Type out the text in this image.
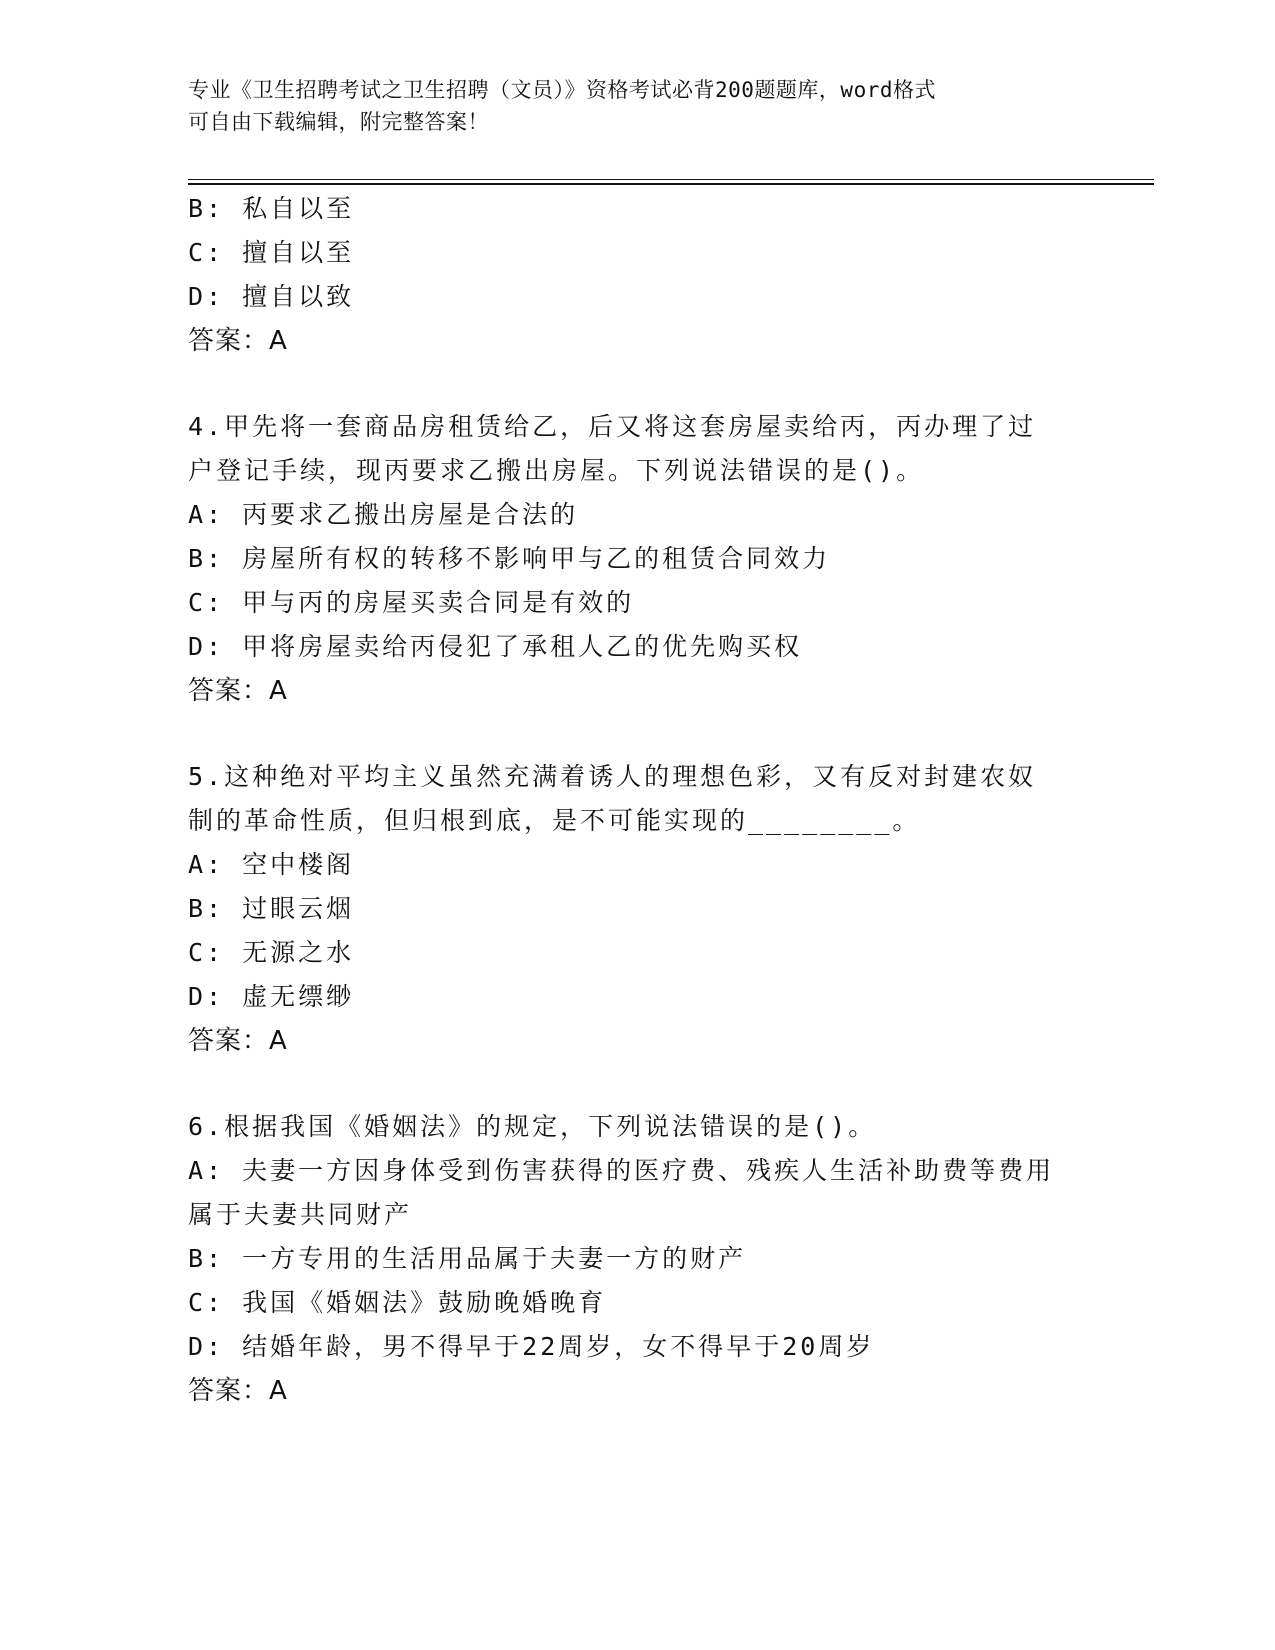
专业《卫生招聘考试之卫生招聘（文员）》资格考试必背200题题库，word格式
可自由下载编辑，附完整答案！
B: 私自以至
C: 擅自以至
D: 擅自以致
答案：A
4.甲先将一套商品房租赁给乙，后又将这套房屋卖给丙，丙办理了过
户登记手续，现丙要求乙搬出房屋。下列说法错误的是()。
A: 丙要求乙搬出房屋是合法的
B: 房屋所有权的转移不影响甲与乙的租赁合同效力
C: 甲与丙的房屋买卖合同是有效的
D: 甲将房屋卖给丙侵犯了承租人乙的优先购买权
答案：A
5.这种绝对平均主义虽然充满着诱人的理想色彩，又有反对封建农奴
制的革命性质，但归根到底，是不可能实现的________。
A: 空中楼阁
B: 过眼云烟
C: 无源之水
D: 虚无缥缈
答案：A
6.根据我国《婚姻法》的规定，下列说法错误的是()。
A: 夫妻一方因身体受到伤害获得的医疗费、残疾人生活补助费等费用
属于夫妻共同财产
B: 一方专用的生活用品属于夫妻一方的财产
C: 我国《婚姻法》鼓励晚婚晚育
D: 结婚年龄，男不得早于22周岁，女不得早于20周岁
答案：A
